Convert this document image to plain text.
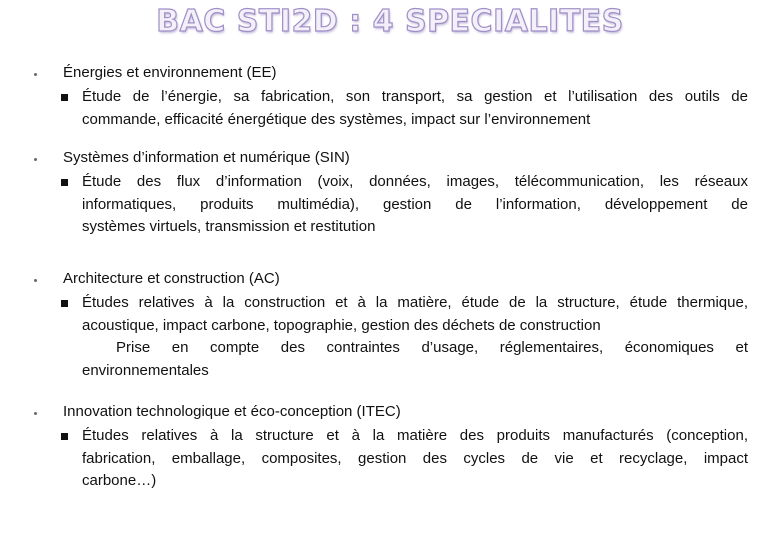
BAC STI2D : 4 SPECIALITES
Énergies et environnement (EE)
Étude de l’énergie, sa fabrication, son transport, sa gestion et l’utilisation des outils de
commande, efficacité énergétique des systèmes, impact sur l’environnement
Systèmes d’information et numérique (SIN)
Étude des flux d’information (voix, données, images, télécommunication, les réseaux
informatiques, produits multimédia), gestion de l’information, développement de
systèmes virtuels, transmission et restitution
Architecture et construction (AC)
Études relatives à la construction et à la matière, étude de la structure, étude thermique,
acoustique, impact carbone, topographie, gestion des déchets de construction
Prise en compte des contraintes d’usage, réglementaires, économiques et
environnementales
Innovation technologique et éco-conception (ITEC)
Études relatives à la structure et à la matière des produits manufacturés (conception,
fabrication, emballage, composites, gestion des cycles de vie et recyclage, impact
carbone…)
